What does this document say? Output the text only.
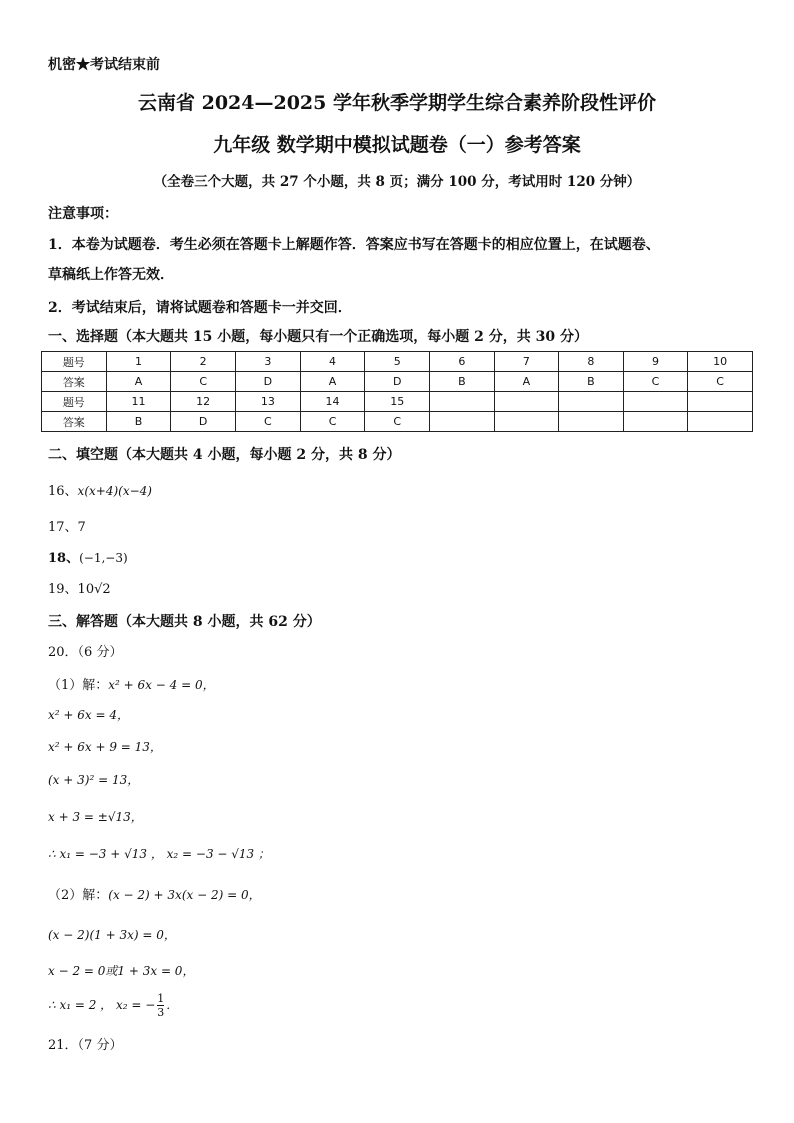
机密★考试结束前
云南省 2024—2025 学年秋季学期学生综合素养阶段性评价
九年级 数学期中模拟试题卷（一）参考答案
（全卷三个大题，共 27 个小题，共 8 页；满分 100 分，考试用时 120 分钟）
注意事项：
1．本卷为试题卷．考生必须在答题卡上解题作答．答案应书写在答题卡的相应位置上，在试题卷、
草稿纸上作答无效．
2．考试结束后，请将试题卷和答题卡一并交回．
一、选择题（本大题共 15 小题，每小题只有一个正确选项，每小题 2 分，共 30 分）
题号	1	2	3	4	5	6	7	8	9	10
答案	A	C	D	A	D	B	A	B	C	C
题号	11	12	13	14	15					
答案	B	D	C	C	C					
二、填空题（本大题共 4 小题，每小题 2 分，共 8 分）
16、x(x+4)(x−4)
17、7
18、(−1,−3)
19、10√2
三、解答题（本大题共 8 小题，共 62 分）
20．（6 分）
（1）解：x² + 6x − 4 = 0，
x² + 6x = 4，
x² + 6x + 9 = 13，
(x + 3)² = 13，
x + 3 = ±√13，
∴ x₁ = −3 + √13 ， x₂ = −3 − √13 ；
（2）解：(x − 2) + 3x(x − 2) = 0，
(x − 2)(1 + 3x) = 0，
x − 2 = 0或1 + 3x = 0，
∴ x₁ = 2 ， x₂ = − $\frac{1}{3}$ ．
21．（7 分）
